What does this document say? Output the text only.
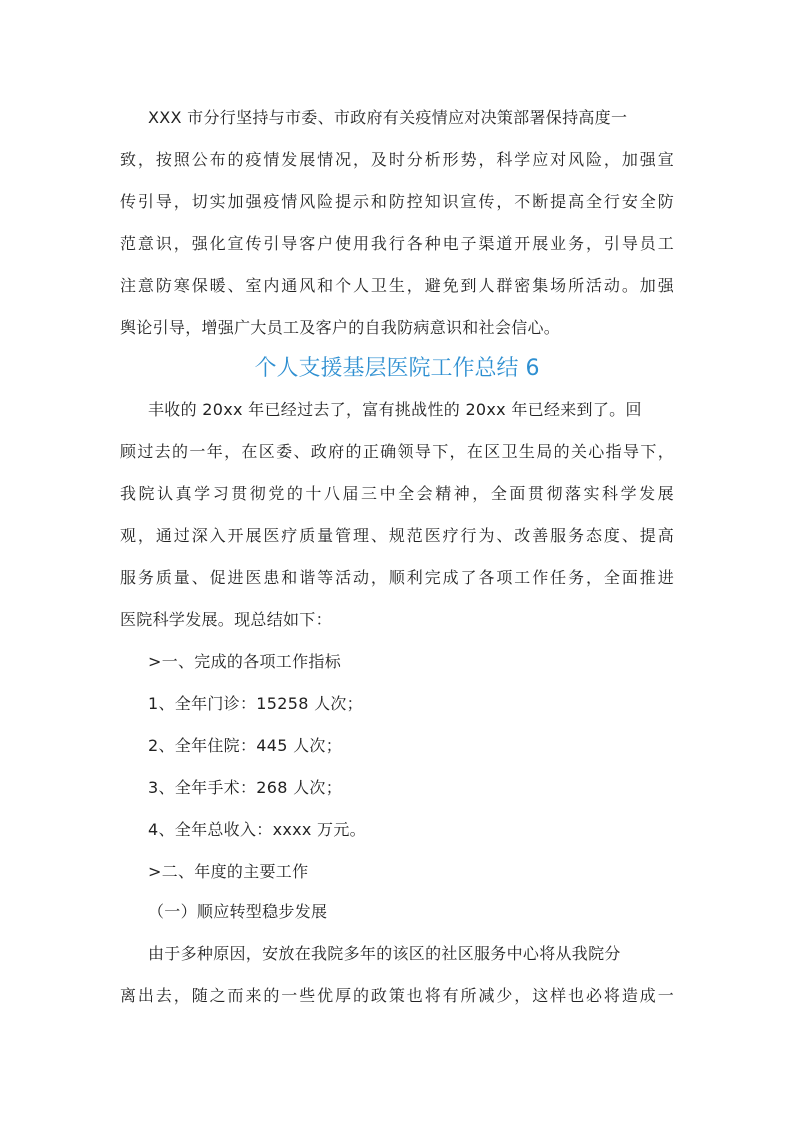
XXX 市分行坚持与市委、市政府有关疫情应对决策部署保持高度一
致，按照公布的疫情发展情况，及时分析形势，科学应对风险，加强宣
传引导，切实加强疫情风险提示和防控知识宣传，不断提高全行安全防
范意识，强化宣传引导客户使用我行各种电子渠道开展业务，引导员工
注意防寒保暖、室内通风和个人卫生，避免到人群密集场所活动。加强
舆论引导，增强广大员工及客户的自我防病意识和社会信心。
个人支援基层医院工作总结 6
丰收的 20xx 年已经过去了，富有挑战性的 20xx 年已经来到了。回
顾过去的一年，在区委、政府的正确领导下，在区卫生局的关心指导下，
我院认真学习贯彻党的十八届三中全会精神，全面贯彻落实科学发展
观，通过深入开展医疗质量管理、规范医疗行为、改善服务态度、提高
服务质量、促进医患和谐等活动，顺利完成了各项工作任务，全面推进
医院科学发展。现总结如下：
>一、完成的各项工作指标
1、全年门诊：15258 人次；
2、全年住院：445 人次；
3、全年手术：268 人次；
4、全年总收入：xxxx 万元。
>二、年度的主要工作
（一）顺应转型稳步发展
由于多种原因，安放在我院多年的该区的社区服务中心将从我院分
离出去，随之而来的一些优厚的政策也将有所减少，这样也必将造成一
